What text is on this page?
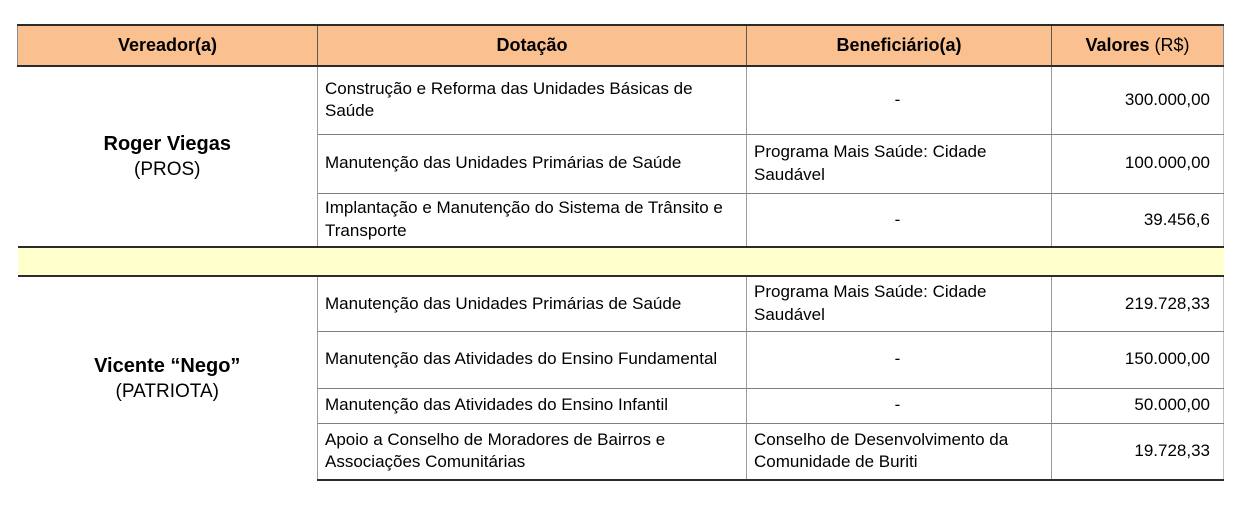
Vereador(a)	Dotação	Beneficiário(a)	Valores (R$)

Roger Viegas
(PROS)	Construção e Reforma das Unidades Básicas de Saúde	-	300.000,00
	Manutenção das Unidades Primárias de Saúde	Programa Mais Saúde: Cidade Saudável	100.000,00
	Implantação e Manutenção do Sistema de Trânsito e Transporte	-	39.456,6

Vicente “Nego”
(PATRIOTA)	Manutenção das Unidades Primárias de Saúde	Programa Mais Saúde: Cidade Saudável	219.728,33
	Manutenção das Atividades do Ensino Fundamental	-	150.000,00
	Manutenção das Atividades do Ensino Infantil	-	50.000,00
	Apoio a Conselho de Moradores de Bairros e Associações Comunitárias	Conselho de Desenvolvimento da Comunidade de Buriti	19.728,33
